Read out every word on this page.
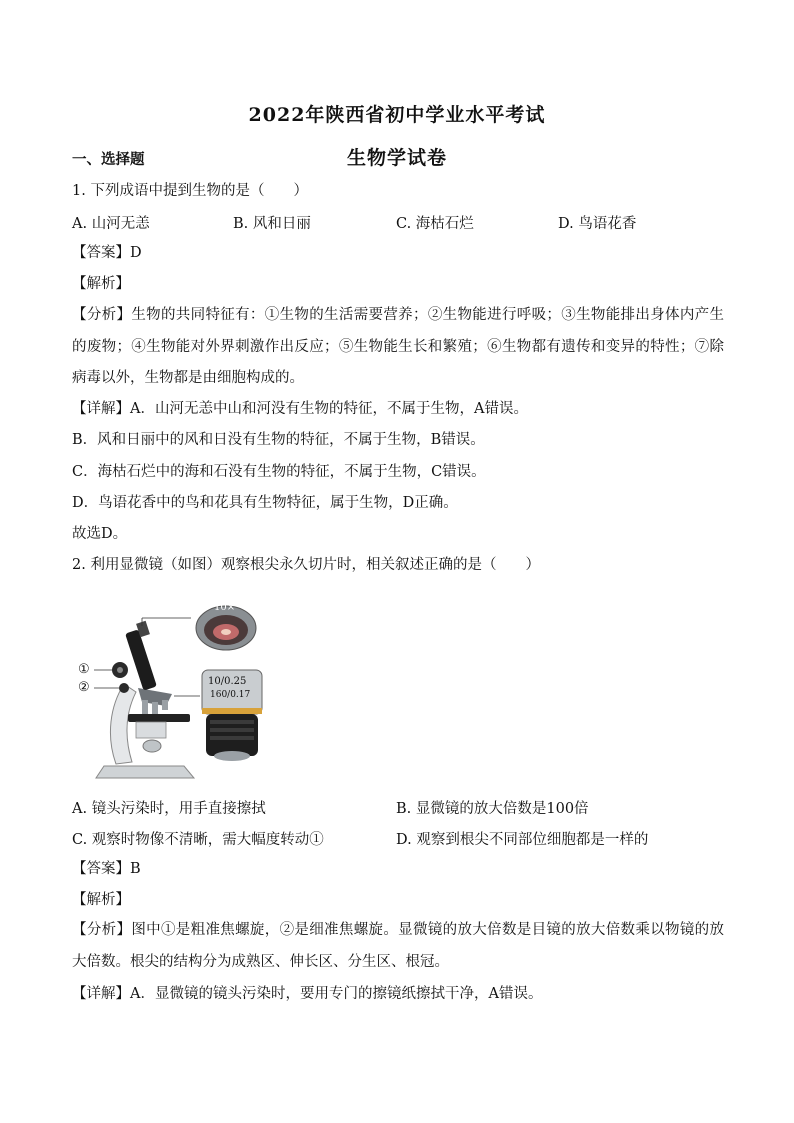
2022年陕西省初中学业水平考试
生物学试卷
一、选择题
1. 下列成语中提到生物的是（　　）
A. 山河无恙	B. 风和日丽	C. 海枯石烂	D. 鸟语花香
【答案】D
【解析】
【分析】生物的共同特征有：①生物的生活需要营养；②生物能进行呼吸；③生物能排出身体内产生的废物；④生物能对外界刺激作出反应；⑤生物能生长和繁殖；⑥生物都有遗传和变异的特性；⑦除病毒以外，生物都是由细胞构成的。
【详解】A．山河无恙中山和河没有生物的特征，不属于生物，A错误。
B．风和日丽中的风和日没有生物的特征，不属于生物，B错误。
C．海枯石烂中的海和石没有生物的特征，不属于生物，C错误。
D．鸟语花香中的鸟和花具有生物特征，属于生物，D正确。
故选D。
2. 利用显微镜（如图）观察根尖永久切片时，相关叙述正确的是（　　）
①
②
10×
10/0.25
160/0.17
A. 镜头污染时，用手直接擦拭	B. 显微镜的放大倍数是100倍
C. 观察时物像不清晰，需大幅度转动①	D. 观察到根尖不同部位细胞都是一样的
【答案】B
【解析】
【分析】图中①是粗准焦螺旋，②是细准焦螺旋。显微镜的放大倍数是目镜的放大倍数乘以物镜的放大倍数。根尖的结构分为成熟区、伸长区、分生区、根冠。
【详解】A．显微镜的镜头污染时，要用专门的擦镜纸擦拭干净，A错误。
